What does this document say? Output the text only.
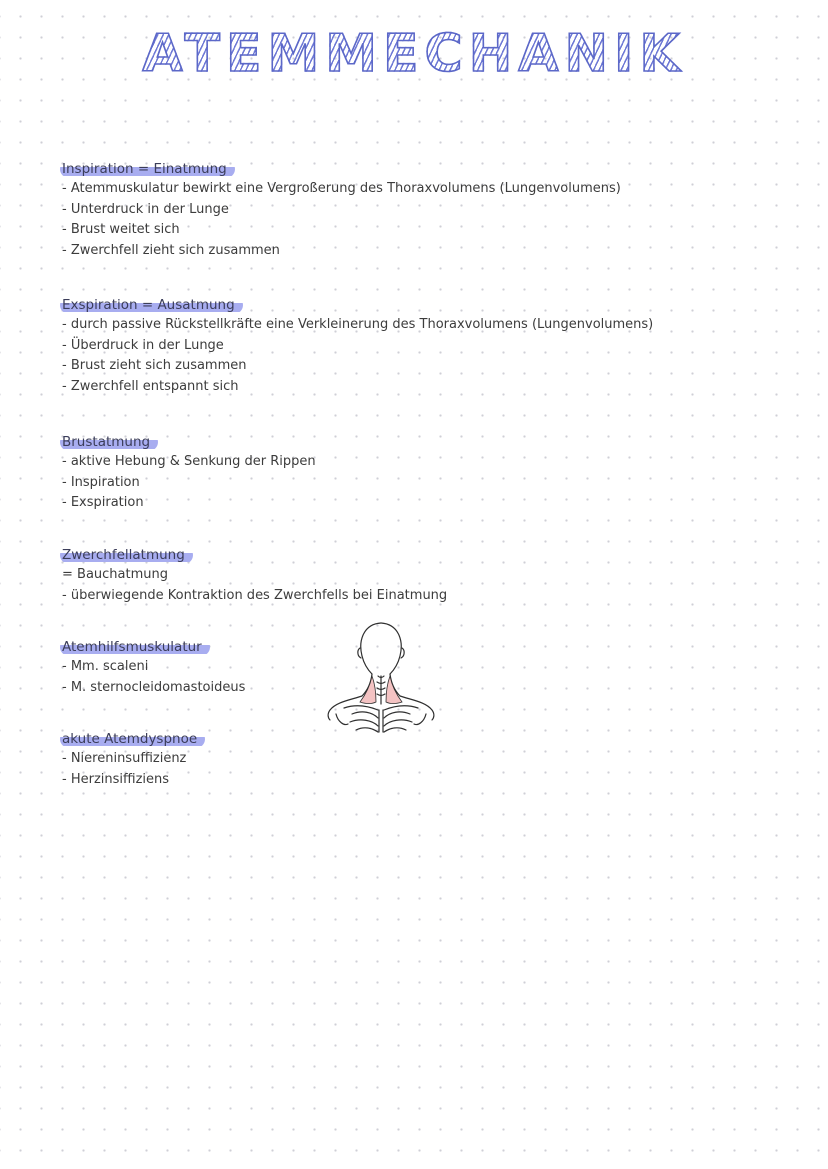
ATEMMECHANIK
Inspiration = Einatmung
- Atemmuskulatur bewirkt eine Vergroßerung des Thoraxvolumens (Lungenvolumens)
- Unterdruck in der Lunge
- Brust weitet sich
- Zwerchfell zieht sich zusammen
Exspiration = Ausatmung
- durch passive Rückstellkräfte eine Verkleinerung des Thoraxvolumens (Lungenvolumens)
- Überdruck in der Lunge
- Brust zieht sich zusammen
- Zwerchfell entspannt sich
Brustatmung
- aktive Hebung & Senkung der Rippen
- Inspiration
- Exspiration
Zwerchfellatmung
= Bauchatmung
- überwiegende Kontraktion des Zwerchfells bei Einatmung
Atemhilfsmuskulatur
- Mm. scaleni
- M. sternocleidomastoideus
akute Atemdyspnoe
- Niereninsuffizienz
- Herzinsiffiziens
